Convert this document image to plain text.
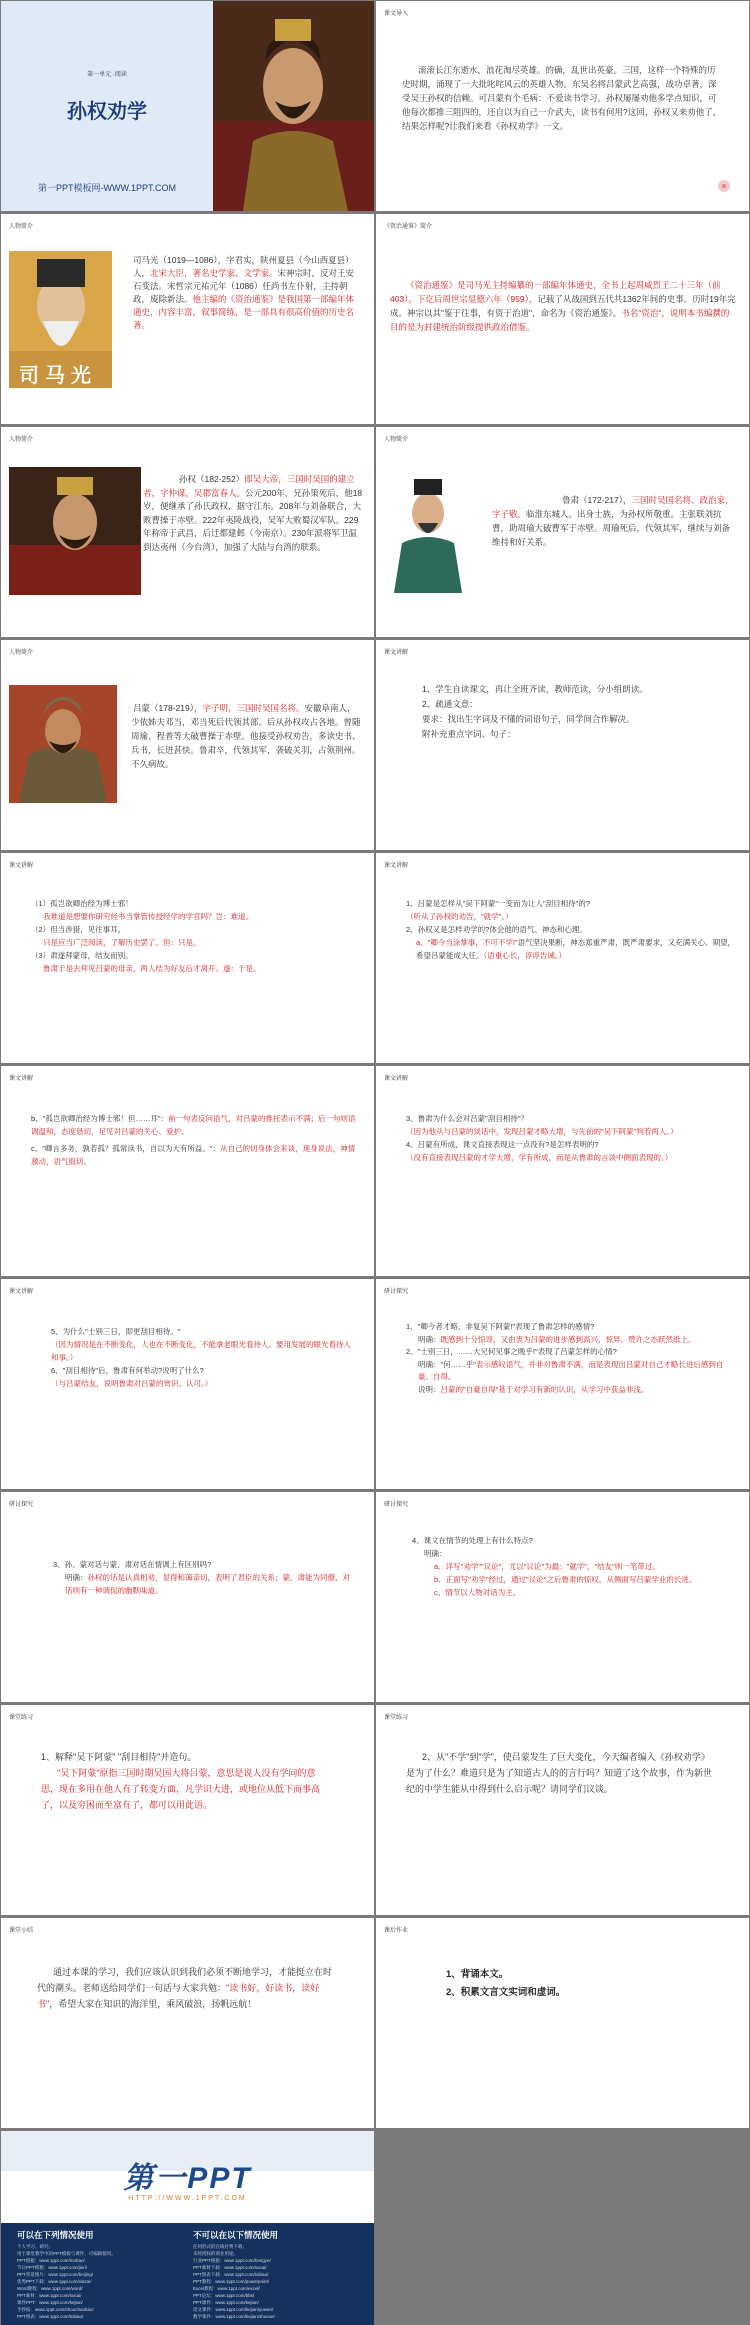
第一单元 ·阅读
孙权劝学
第一PPT模板网-WWW.1PPT.COM
课文导入
滚滚长江东逝水，浪花淘尽英雄。的确，乱世出英豪。三国，这样一个特殊的历史时期，涌现了一大批叱咤风云的英雄人物。东吴名将吕蒙武艺高强，战功卓著，深受吴王孙权的信赖。可吕蒙有个毛病：不爱读书学习。孙权屡屡劝他多学点知识，可他每次都推三阻四的，还自以为自己一介武夫，读书有何用?这回，孙权又来劝他了，结果怎样呢?让我们来看《孙权劝学》一文。
人物简介
司马光
司马光（1019—1086），字君实，陕州夏县（今山西夏县）人，北宋大臣，著名史学家、文学家。宋神宗时，反对王安石变法。宋哲宗元祐元年（1086）任尚书左仆射，主持朝政，废除新法。他主编的《资治通鉴》是我国第一部编年体通史，内容丰富，叙事简练，是一部具有很高价值的历史名著。
《资治通鉴》简介
《资治通鉴》是司马光主持编纂的一部编年体通史，全书上起周威烈王二十三年（前403），下讫后周世宗显德六年（959），记载了从战国到五代共1362年间的史事。历时19年完成。神宗以其"鉴于往事，有资于治道"，命名为《资治通鉴》。书名"资治"，说明本书编撰的目的是为封建统治阶级提供政治借鉴。
人物简介
孙权（182-252）即吴大帝，三国时吴国的建立者，字仲谋，吴郡富春人。公元200年，兄孙策死后，他18岁，便继承了孙氏政权，据守江东。208年与刘备联合，大败曹操于赤壁。222年夷陵战役，吴军大败蜀汉军队。229年称帝于武昌，后迁都建邺（今南京）。230年派将军卫温到达夷州（今台湾），加强了大陆与台湾的联系。
人物简介
鲁肃（172-217），三国时吴国名将、政治家，字子敬，临淮东城人。出身士族，为孙权所敬重。主张联刘抗曹，助周瑜大破曹军于赤壁。周瑜死后，代领其军，继续与刘备维持和好关系。
人物简介
吕蒙（178-219），字子明，三国时吴国名将。安徽阜南人，少依姊夫邓当，邓当死后代领其部。后从孙权攻占各地。曾随周瑜、程普等大破曹操于赤壁。他接受孙权劝告，多读史书、兵书，长进甚快。鲁肃卒，代领其军，袭破关羽，占领荆州。不久病故。
课文讲解

1、学生自读课文，再让全班齐读，教师范读，分小组朗读。

2、疏通文意：

要求：找出生字词及不懂的词语句子，同学间合作解决。

附补充重点字词、句子：

课文讲解

（1）孤岂欲卿治经为博士邪！

我难道是想要你研究经书当掌管传授经学的学官吗？岂：难道。

（2）但当涉猎，见往事耳。

只是应当广泛阅读，了解历史罢了。但：只是。

（3）肃遂拜蒙母，结友而别。

鲁肃于是去拜见吕蒙的母亲，两人结为好友后才离开。遂：于是。

课文讲解

1、吕蒙是怎样从"吴下阿蒙"一变而为让人"刮目相待"的?

（听从了孙权的劝告，"就学"。）

2、孙权又是怎样劝学的?体会他的语气、神态和心理。

a、"卿今当涂掌事，不可不学!"语气坚决果断，神态郑重严肃，既严肃要求，又充满关心、期望，希望吕蒙能成大任。（语重心长，谆谆告诫。）

课文讲解

b、"孤岂欲卿治经为博士邪！但……耳"：前一句表反问语气，对吕蒙的推托表示不满；后一句则语调温和，态度恳切，足见对吕蒙的关心、爱护。

c、"卿言多务，孰若孤？孤常读书，自以为大有所益。"：从自己的切身体会来谈，现身说法，神情激动，语气殷切。

课文讲解

3、鲁肃为什么会对吕蒙"刮目相待"？

（因为他从与吕蒙的谈话中，发现吕蒙才略大增，与先前的"吴下阿蒙"判若两人。）

4、吕蒙有所成，课文直接表现这一点没有?是怎样表明的?

（没有直接表现吕蒙的才学大增，学有所成，而是从鲁肃的言谈中侧面表现的。）

课文讲解

5、为什么"士别三日，即更刮目相待。"

（因为情况是在不断变化，人也在不断变化，不能拿老眼光看待人。要用发展的眼光看待人和事。）

6、"刮目相待"后，鲁肃有何举动?说明了什么?

（与吕蒙结友，说明鲁肃对吕蒙的赏识、认可。）

研讨探究

1、"卿今者才略，非复吴下阿蒙!"表现了鲁肃怎样的感情?

明确：既感到十分惊讶，又由衷为吕蒙的进步感到高兴，惊异、赞许之态跃然纸上。

2、"士别三日，……大兄何见事之晚乎!"表现了吕蒙怎样的心情?

明确："何……乎"表示感叹语气，并非对鲁肃不满，而是表现出吕蒙对自己才略长进后感到自豪、自得。

说明：吕蒙的"自豪自得"基于对学习有新的认识，从学习中获益非浅。

研讨探究

3、孙、蒙对话与蒙、肃对话在情调上有区别吗?

明确：孙权的话是认真相劝，显得和蔼亲切，表明了君臣的关系；蒙、肃能为同僚，对话则有一种调侃的幽默味道。

研讨探究

4、课文在情节的处理上有什么特点?

明确：

a、详写"劝学""议论"，尤以"议论"为最："就学"、"结友"则一笔带过。

b、正面写"劝学"经过，通过"议论"之后鲁肃的惊叹，从侧面写吕蒙学业的长进。

c、情节以人物对话为主。

课堂练习

1、解释"吴下阿蒙" "刮目相待"并造句。

"吴下阿蒙"原指三国时期吴国大将吕蒙，意思是说人没有学问的意思，现在多用在他人有了转变方面，凡学识大进，或地位从低下而事高了，以及穷困而至富有了，都可以用此语。

课堂练习
2、从"不学"到"学"，使吕蒙发生了巨大变化，今天编者编入《孙权劝学》是为了什么？难道只是为了知道古人的的言行吗？知道了这个故事，作为新世纪的中学生能从中得到什么启示呢？请同学们议谈。
课堂小结
通过本课的学习，我们应该认识到我们必须不断地学习，才能挺立在时代的潮头。老师送给同学们一句话与大家共勉："读书好，好读书，读好书"，希望大家在知识的海洋里，乘风破浪，扬帆远航！
课后作业

1、背诵本文。

2、积累文言文实词和虚词。

第一PPT
HTTP://WWW.1PPT.COM
可以在下列情况使用	不可以在以下情况使用
个人学习、研究；
用于课堂教学中的PPT模板与课件，可编辑使用。
PPT模板：www.1ppt.com/moban/
节日PPT模板：www.1ppt.com/jieri/
PPT背景图片：www.1ppt.com/beijing/
优秀PPT下载：www.1ppt.com/xiazai/
Word教程：www.1ppt.com/word/
PPT素材：www.1ppt.com/sucai/
课件PPT：www.1ppt.com/kejian/
手抄报：www.1ppt.com/shouchaobao/
PPT图表：www.1ppt.com/tubiao/
任何形式的在线付费下载；
未经授权的商业用途。
行业PPT模板：www.1ppt.com/hangye/
PPT素材下载：www.1ppt.com/sucai/
PPT图表下载：www.1ppt.com/tubiao/
PPT教程：www.1ppt.com/powerpoint/
Excel教程：www.1ppt.com/excel/
PPT论坛：www.1ppt.com/bbs/
PPT课件：www.1ppt.com/kejian/
语文课件：www.1ppt.com/kejian/yuwen/
数学课件：www.1ppt.com/kejian/shuxue/
